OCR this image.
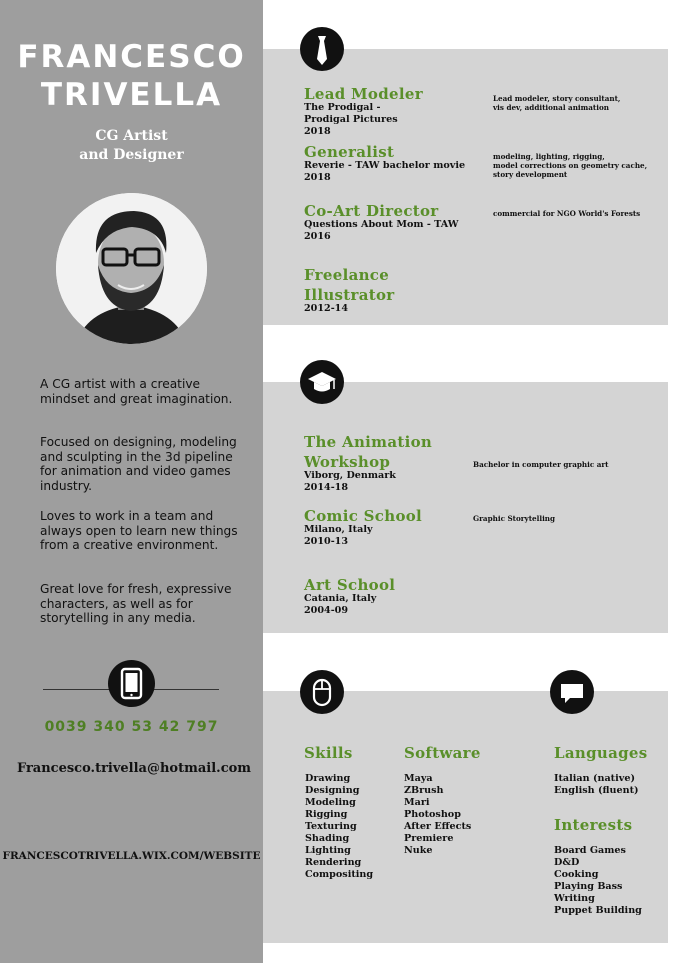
FRANCESCO
TRIVELLA
CG Artist
and Designer
A CG artist with a creative mindset and great imagination.
Focused on designing, modeling and sculpting in the 3d pipeline for animation and video games industry.
Loves to work in a team and always open to learn new things from a creative environment.
Great love for fresh, expressive characters, as well as for storytelling in any media.
0039 340 53 42 797
Francesco.trivella@hotmail.com
FRANCESCOTRIVELLA.WIX.COM/WEBSITE
Lead Modeler
The Prodigal -
Prodigal Pictures
2018
Lead modeler, story consultant,
vis dev, additional animation
Generalist
Reverie - TAW bachelor movie
2018
modeling, lighting, rigging,
model corrections on geometry cache,
story development
Co-Art Director
Questions About Mom - TAW
2016
commercial for NGO World's Forests
Freelance
Illustrator
2012-14
The Animation
Workshop
Viborg, Denmark
2014-18
Bachelor in computer graphic art
Comic School
Milano, Italy
2010-13
Graphic Storytelling
Art School
Catania, Italy
2004-09
Skills
Drawing
Designing
Modeling
Rigging
Texturing
Shading
Lighting
Rendering
Compositing
Software
Maya
ZBrush
Mari
Photoshop
After Effects
Premiere
Nuke
Languages
Italian (native)
English (fluent)
Interests
Board Games
D&D
Cooking
Playing Bass
Writing
Puppet Building
